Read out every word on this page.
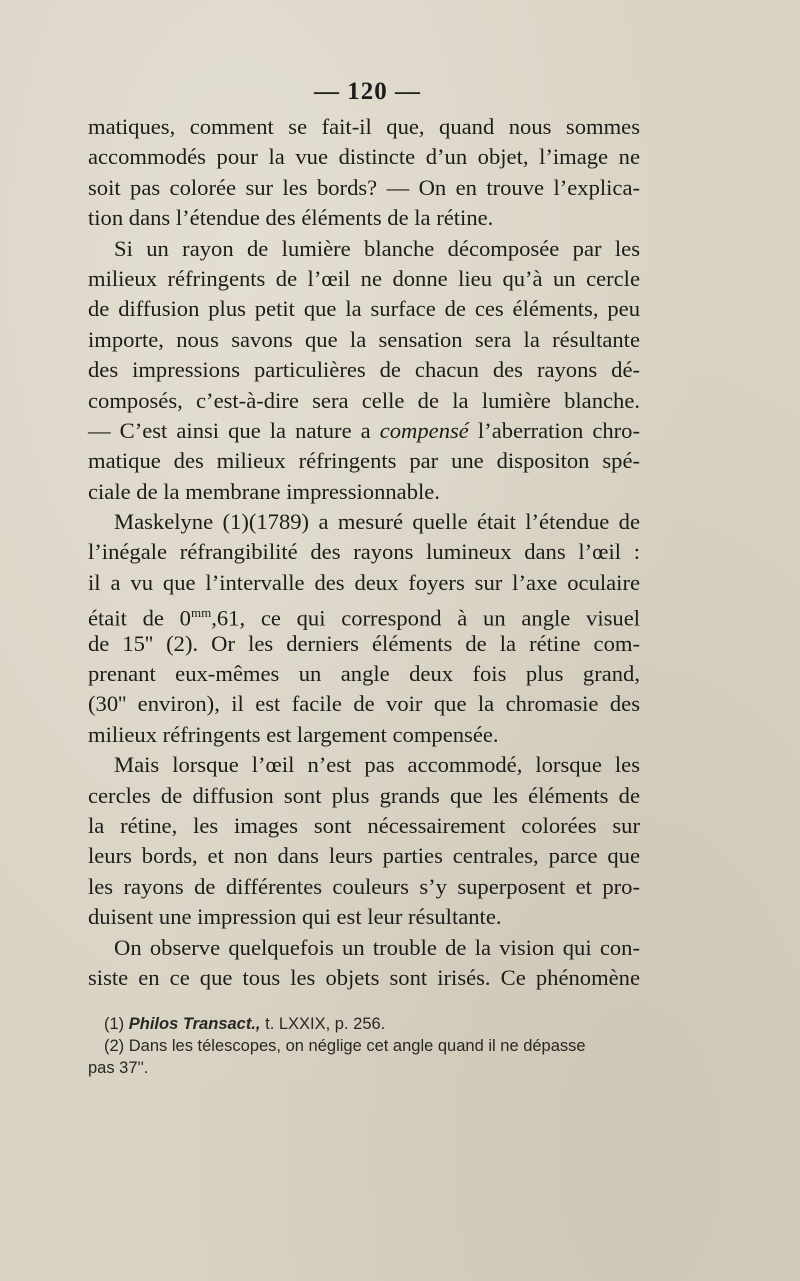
— 120 —
matiques, comment se fait-il que, quand nous sommes
accommodés pour la vue distincte d’un objet, l’image ne
soit pas colorée sur les bords? — On en trouve l’explica-
tion dans l’étendue des éléments de la rétine.
Si un rayon de lumière blanche décomposée par les
milieux réfringents de l’œil ne donne lieu qu’à un cercle
de diffusion plus petit que la surface de ces éléments, peu
importe, nous savons que la sensation sera la résultante
des impressions particulières de chacun des rayons dé-
composés, c’est-à-dire sera celle de la lumière blanche.
— C’est ainsi que la nature a compensé l’aberration chro-
matique des milieux réfringents par une dispositon spé-
ciale de la membrane impressionnable.
Maskelyne (1)(1789) a mesuré quelle était l’étendue de
l’inégale réfrangibilité des rayons lumineux dans l’œil :
il a vu que l’intervalle des deux foyers sur l’axe oculaire
était de $0^{mm},61$, ce qui correspond à un angle visuel
de 15'' (2). Or les derniers éléments de la rétine com-
prenant eux-mêmes un angle deux fois plus grand,
(30'' environ), il est facile de voir que la chromasie des
milieux réfringents est largement compensée.
Mais lorsque l’œil n’est pas accommodé, lorsque les
cercles de diffusion sont plus grands que les éléments de
la rétine, les images sont nécessairement colorées sur
leurs bords, et non dans leurs parties centrales, parce que
les rayons de différentes couleurs s’y superposent et pro-
duisent une impression qui est leur résultante.
On observe quelquefois un trouble de la vision qui con-
siste en ce que tous les objets sont irisés. Ce phénomène
(1) Philos Transact., t. LXXIX, p. 256.
(2) Dans les télescopes, on néglige cet angle quand il ne dépasse
pas 37''.
